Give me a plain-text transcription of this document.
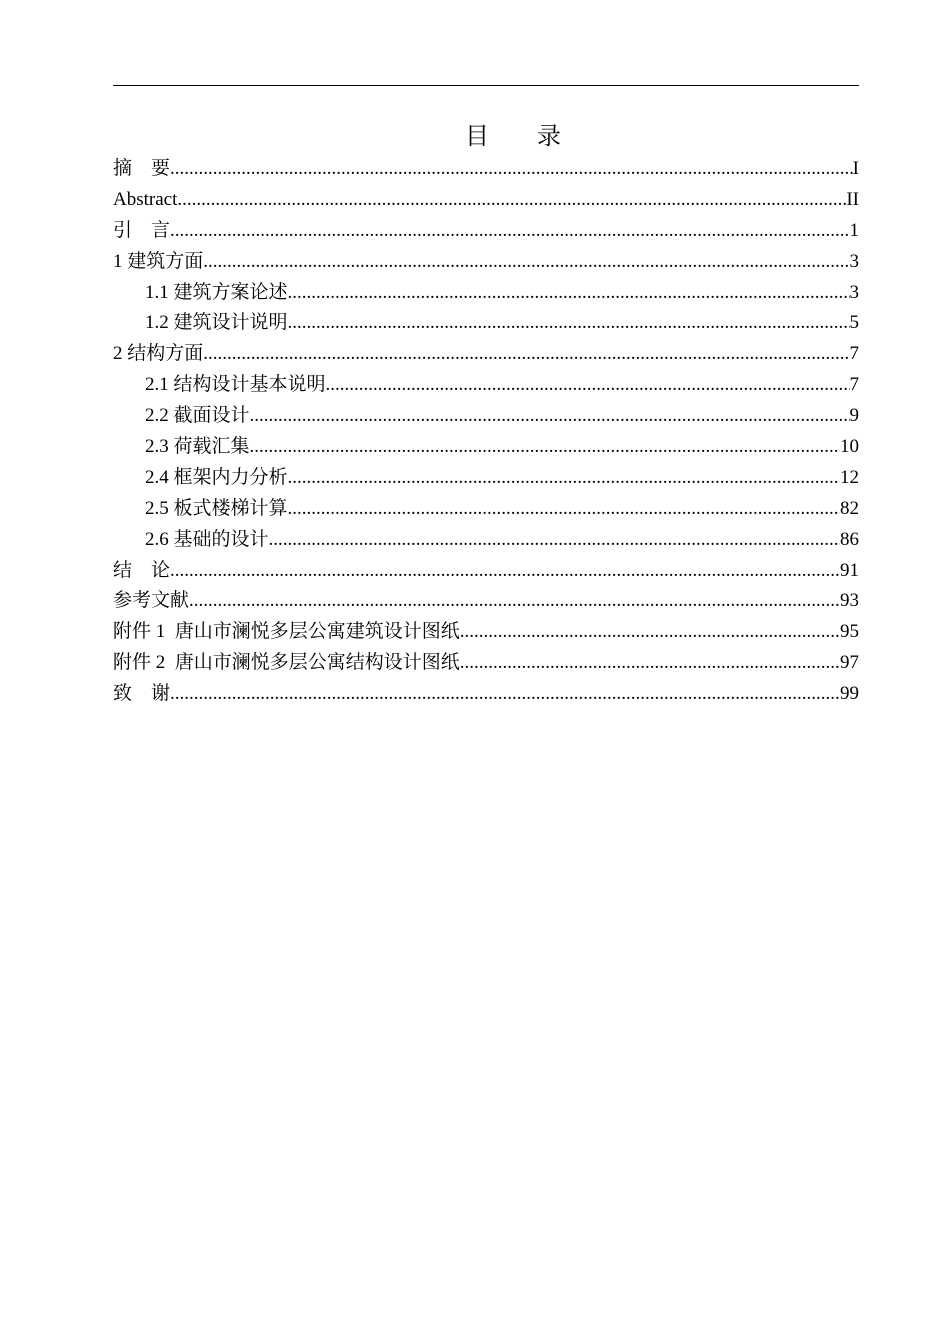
目　　录
摘　要 .....	I
Abstract .....	II
引　言 .....	1
1 建筑方面 .....	3
1.1 建筑方案论述 .....	3
1.2 建筑设计说明 .....	5
2 结构方面 .....	7
2.1 结构设计基本说明 .....	7
2.2 截面设计 .....	9
2.3 荷载汇集 .....	10
2.4 框架内力分析 .....	12
2.5 板式楼梯计算 .....	82
2.6 基础的设计 .....	86
结　论 .....	91
参考文献 .....	93
附件 1  唐山市澜悦多层公寓建筑设计图纸 .....	95
附件 2  唐山市澜悦多层公寓结构设计图纸 .....	97
致　谢 .....	99
